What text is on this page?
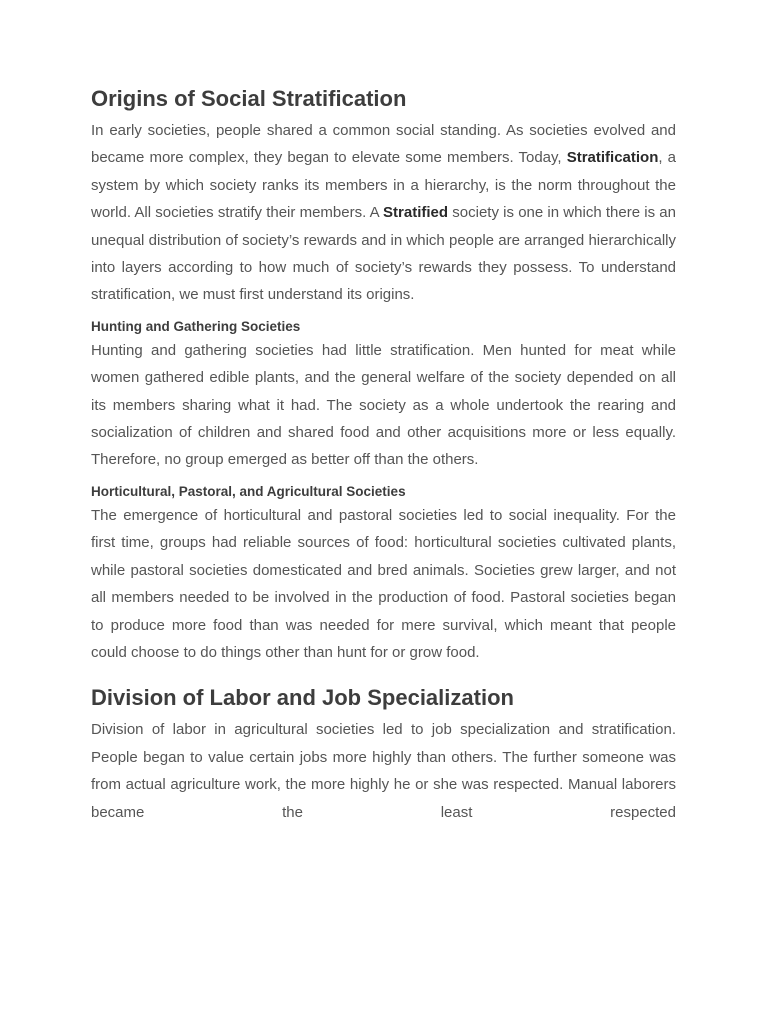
Origins of Social Stratification

In early societies, people shared a common social standing. As societies evolved and became more complex, they began to elevate some members. Today, Stratification, a system by which society ranks its members in a hierarchy, is the norm throughout the world. All societies stratify their members. A Stratified society is one in which there is an unequal distribution of society’s rewards and in which people are arranged hierarchically into layers according to how much of society’s rewards they possess. To understand stratification, we must first understand its origins.

Hunting and Gathering Societies

Hunting and gathering societies had little stratification. Men hunted for meat while women gathered edible plants, and the general welfare of the society depended on all its members sharing what it had. The society as a whole undertook the rearing and socialization of children and shared food and other acquisitions more or less equally. Therefore, no group emerged as better off than the others.

Horticultural, Pastoral, and Agricultural Societies

The emergence of horticultural and pastoral societies led to social inequality. For the first time, groups had reliable sources of food: horticultural societies cultivated plants, while pastoral societies domesticated and bred animals. Societies grew larger, and not all members needed to be involved in the production of food. Pastoral societies began to produce more food than was needed for mere survival, which meant that people could choose to do things other than hunt for or grow food.

Division of Labor and Job Specialization

Division of labor in agricultural societies led to job specialization and stratification. People began to value certain jobs more highly than others. The further someone was from actual agriculture work, the more highly he or she was respected. Manual laborers became the least respected
